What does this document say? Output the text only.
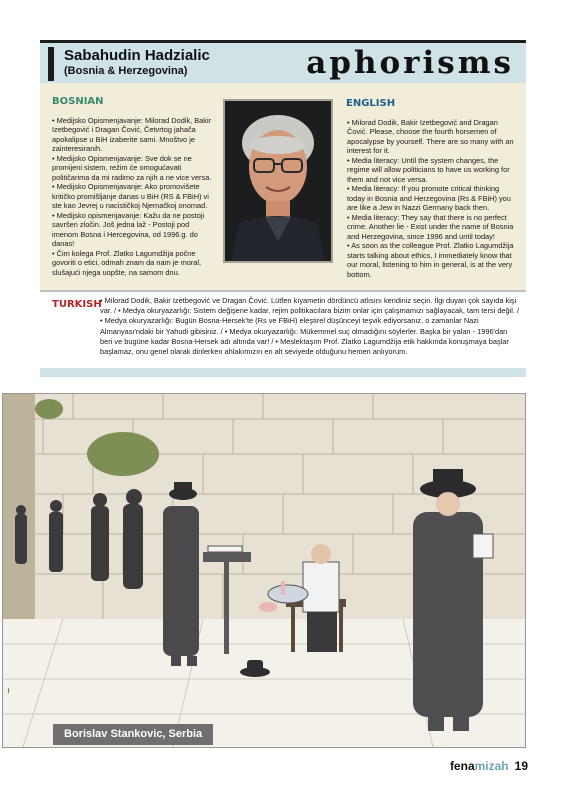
Sabahudin Hadzialic
(Bosnia & Herzegovina)	aphorisms
BOSNIAN

• Medijsko Opismenjavanje: Milorad Dodik, Bakir Izetbegović i Dragan Čović, Četvrtog jahača apokalipse u BiH izaberite sami. Mnoštvo je zainteresiranih.

• Medijsko Opismenjavanje: Sve dok se ne promijeni sistem, režim će omogućavati političarima da mi radimo za njih a ne vice versa.

• Medijsko Opismenjavanje: Ako promovišete kritičko promišljanje danas u BiH (RS & FBiH) vi ste kao Jevrej u nacističkoj Njemačkoj onomad.

• Medijsko opismenjavanje: Kažu da ne postoji savršen zločin. Još jedna laž - Postoji pod imenom Bosna i Hercegovina, od 1996.g. do danas!

• Čim kolega Prof. Zlatko Lagumdžija počne govoriti o etici, odmah znam da nam je moral, slušajući njega uopšte, na samom dnu.

ENGLISH

• Milorad Dodik, Bakir Izetbegović and Dragan Čović. Please, choose the fourth horsemen of apocalypse by yourself. There are so many with an interest for it.

• Media literacy: Until the system changes, the regime will allow politicians to have us working for them and not vice versa.

• Media literacy: If you promote critical thinking today in Bosnia and Herzegovina (Rs & FBiH) you are like a Jew in Nazzi Germany back then.

• Media literacy: They say that there is no perfect crime. Another lie - Exist under the name of Bosnia and Herzegovina, since 1996 and until today!

• As soon as the colleague Prof. Zlatko Lagumdžija starts talking about ethics, I immediately know that our moral, listening to him in general, is at the very bottom.

TURKISH
• Milorad Dodik, Bakir Izetbegović ve Dragan Čović. Lütfen kıyametin dördüncü atlısını kendiniz seçin. İlgi duyan çok sayıda kişi var. / • Medya okuryazarlığı: Sistem değişene kadar, rejim politikacılara bizim onlar için çalışmamızı sağlayacak, tam tersi değil. / • Medya okuryazarlığı: Bugün Bosna-Hersek'te (Rs ve FBiH) eleştirel düşünceyi teşvik ediyorsanız, o zamanlar Nazi Almanyası'ndaki bir Yahudi gibisiniz. / • Medya okuryazarlığı: Mükemmel suç olmadığını söylerler. Başka bir yalan - 1996'dan beri ve bugüne kadar Bosna-Hersek adı altında var! / • Meslektaşım Prof. Zlatko Lagumdžija etik hakkında konuşmaya başlar başlamaz, onu genel olarak dinlerken ahlakımızın en alt seviyede olduğunu hemen anlıyorum.
~
Borislav Stankovic, Serbia
fenamizah 19
